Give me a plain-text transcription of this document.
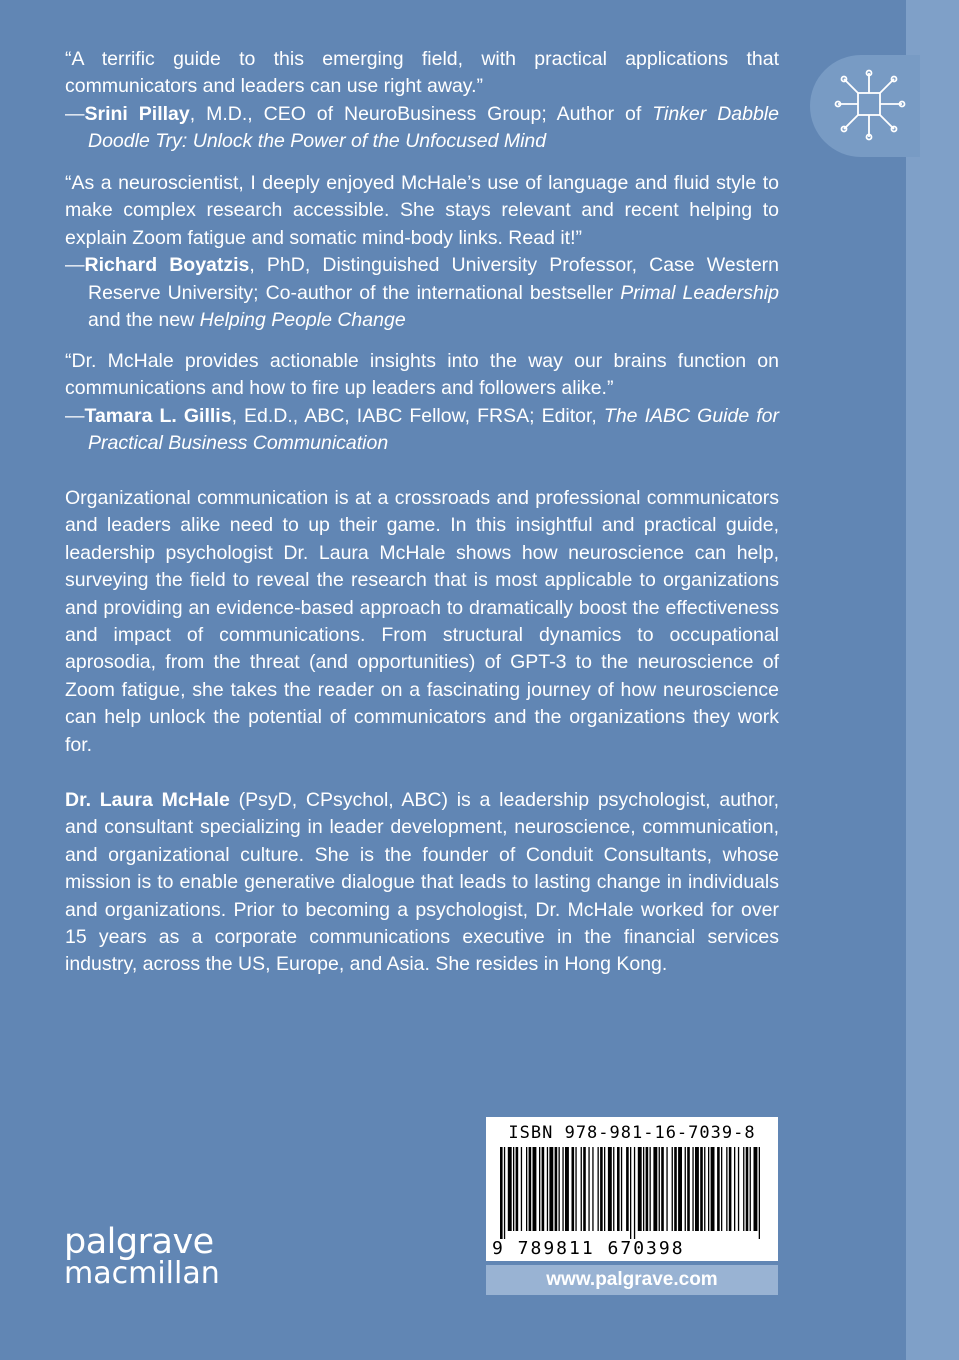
“A terrific guide to this emerging field, with practical applications that communicators and leaders can use right away.”

—Srini Pillay, M.D., CEO of NeuroBusiness Group; Author of Tinker Dabble Doodle Try: Unlock the Power of the Unfocused Mind

“As a neuroscientist, I deeply enjoyed McHale’s use of language and fluid style to make complex research accessible. She stays relevant and recent helping to explain Zoom fatigue and somatic mind-body links. Read it!”

—Richard Boyatzis, PhD, Distinguished University Professor, Case Western Reserve University; Co-author of the international bestseller Primal Leadership and the new Helping People Change

“Dr. McHale provides actionable insights into the way our brains function on communications and how to fire up leaders and followers alike.”

—Tamara L. Gillis, Ed.D., ABC, IABC Fellow, FRSA; Editor, The IABC Guide for Practical Business Communication

Organizational communication is at a crossroads and professional communicators and leaders alike need to up their game. In this insightful and practical guide, leadership psychologist Dr. Laura McHale shows how neuroscience can help, surveying the field to reveal the research that is most applicable to organizations and providing an evidence-based approach to dramatically boost the effectiveness and impact of communications. From structural dynamics to occupational aprosodia, from the threat (and opportunities) of GPT-3 to the neuroscience of Zoom fatigue, she takes the reader on a fascinating journey of how neuroscience can help unlock the potential of communicators and the organizations they work for.

Dr. Laura McHale (PsyD, CPsychol, ABC) is a leadership psychologist, author, and consultant specializing in leader development, neuroscience, communication, and organizational culture. She is the founder of Conduit Consultants, whose mission is to enable generative dialogue that leads to lasting change in individuals and organizations. Prior to becoming a psychologist, Dr. McHale worked for over 15 years as a corporate communications executive in the financial services industry, across the US, Europe, and Asia. She resides in Hong Kong.

ISBN 978-981-16-7039-8
9 789811 670398
www.palgrave.com
palgrave
macmillan
